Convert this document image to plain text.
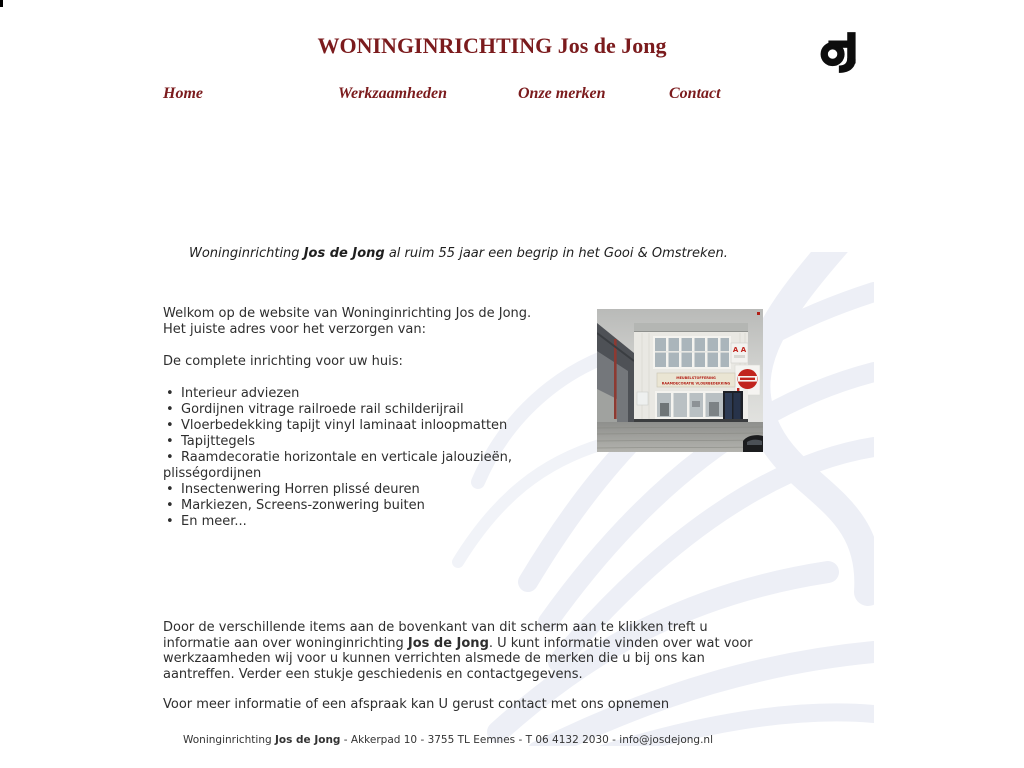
WONINGINRICHTING Jos de Jong
Home	Werkzaamheden	Onze merken	Contact
Woninginrichting Jos de Jong al ruim 55 jaar een begrip in het Gooi & Omstreken.
Welkom op de website van Woninginrichting Jos de Jong.
Het juiste adres voor het verzorgen van:
De complete inrichting voor uw huis:
• Interieur adviezen
• Gordijnen vitrage railroede rail schilderijrail
• Vloerbedekking tapijt vinyl laminaat inloopmatten
• Tapijttegels
• Raamdecoratie horizontale en verticale jalouzieën,
plisségordijnen
• Insectenwering Horren plissé deuren
• Markiezen, Screens-zonwering buiten
• En meer...
A A
MEUBELSTOFFERING
RAAMDECORATIE VLOERBEDEKKING
Door de verschillende items aan de bovenkant van dit scherm aan te klikken treft u
informatie aan over woninginrichting Jos de Jong. U kunt informatie vinden over wat voor
werkzaamheden wij voor u kunnen verrichten alsmede de merken die u bij ons kan
aantreffen. Verder een stukje geschiedenis en contactgegevens.
Voor meer informatie of een afspraak kan U gerust contact met ons opnemen
Woninginrichting Jos de Jong - Akkerpad 10 - 3755 TL Eemnes - T 06 4132 2030 - info@josdejong.nl
